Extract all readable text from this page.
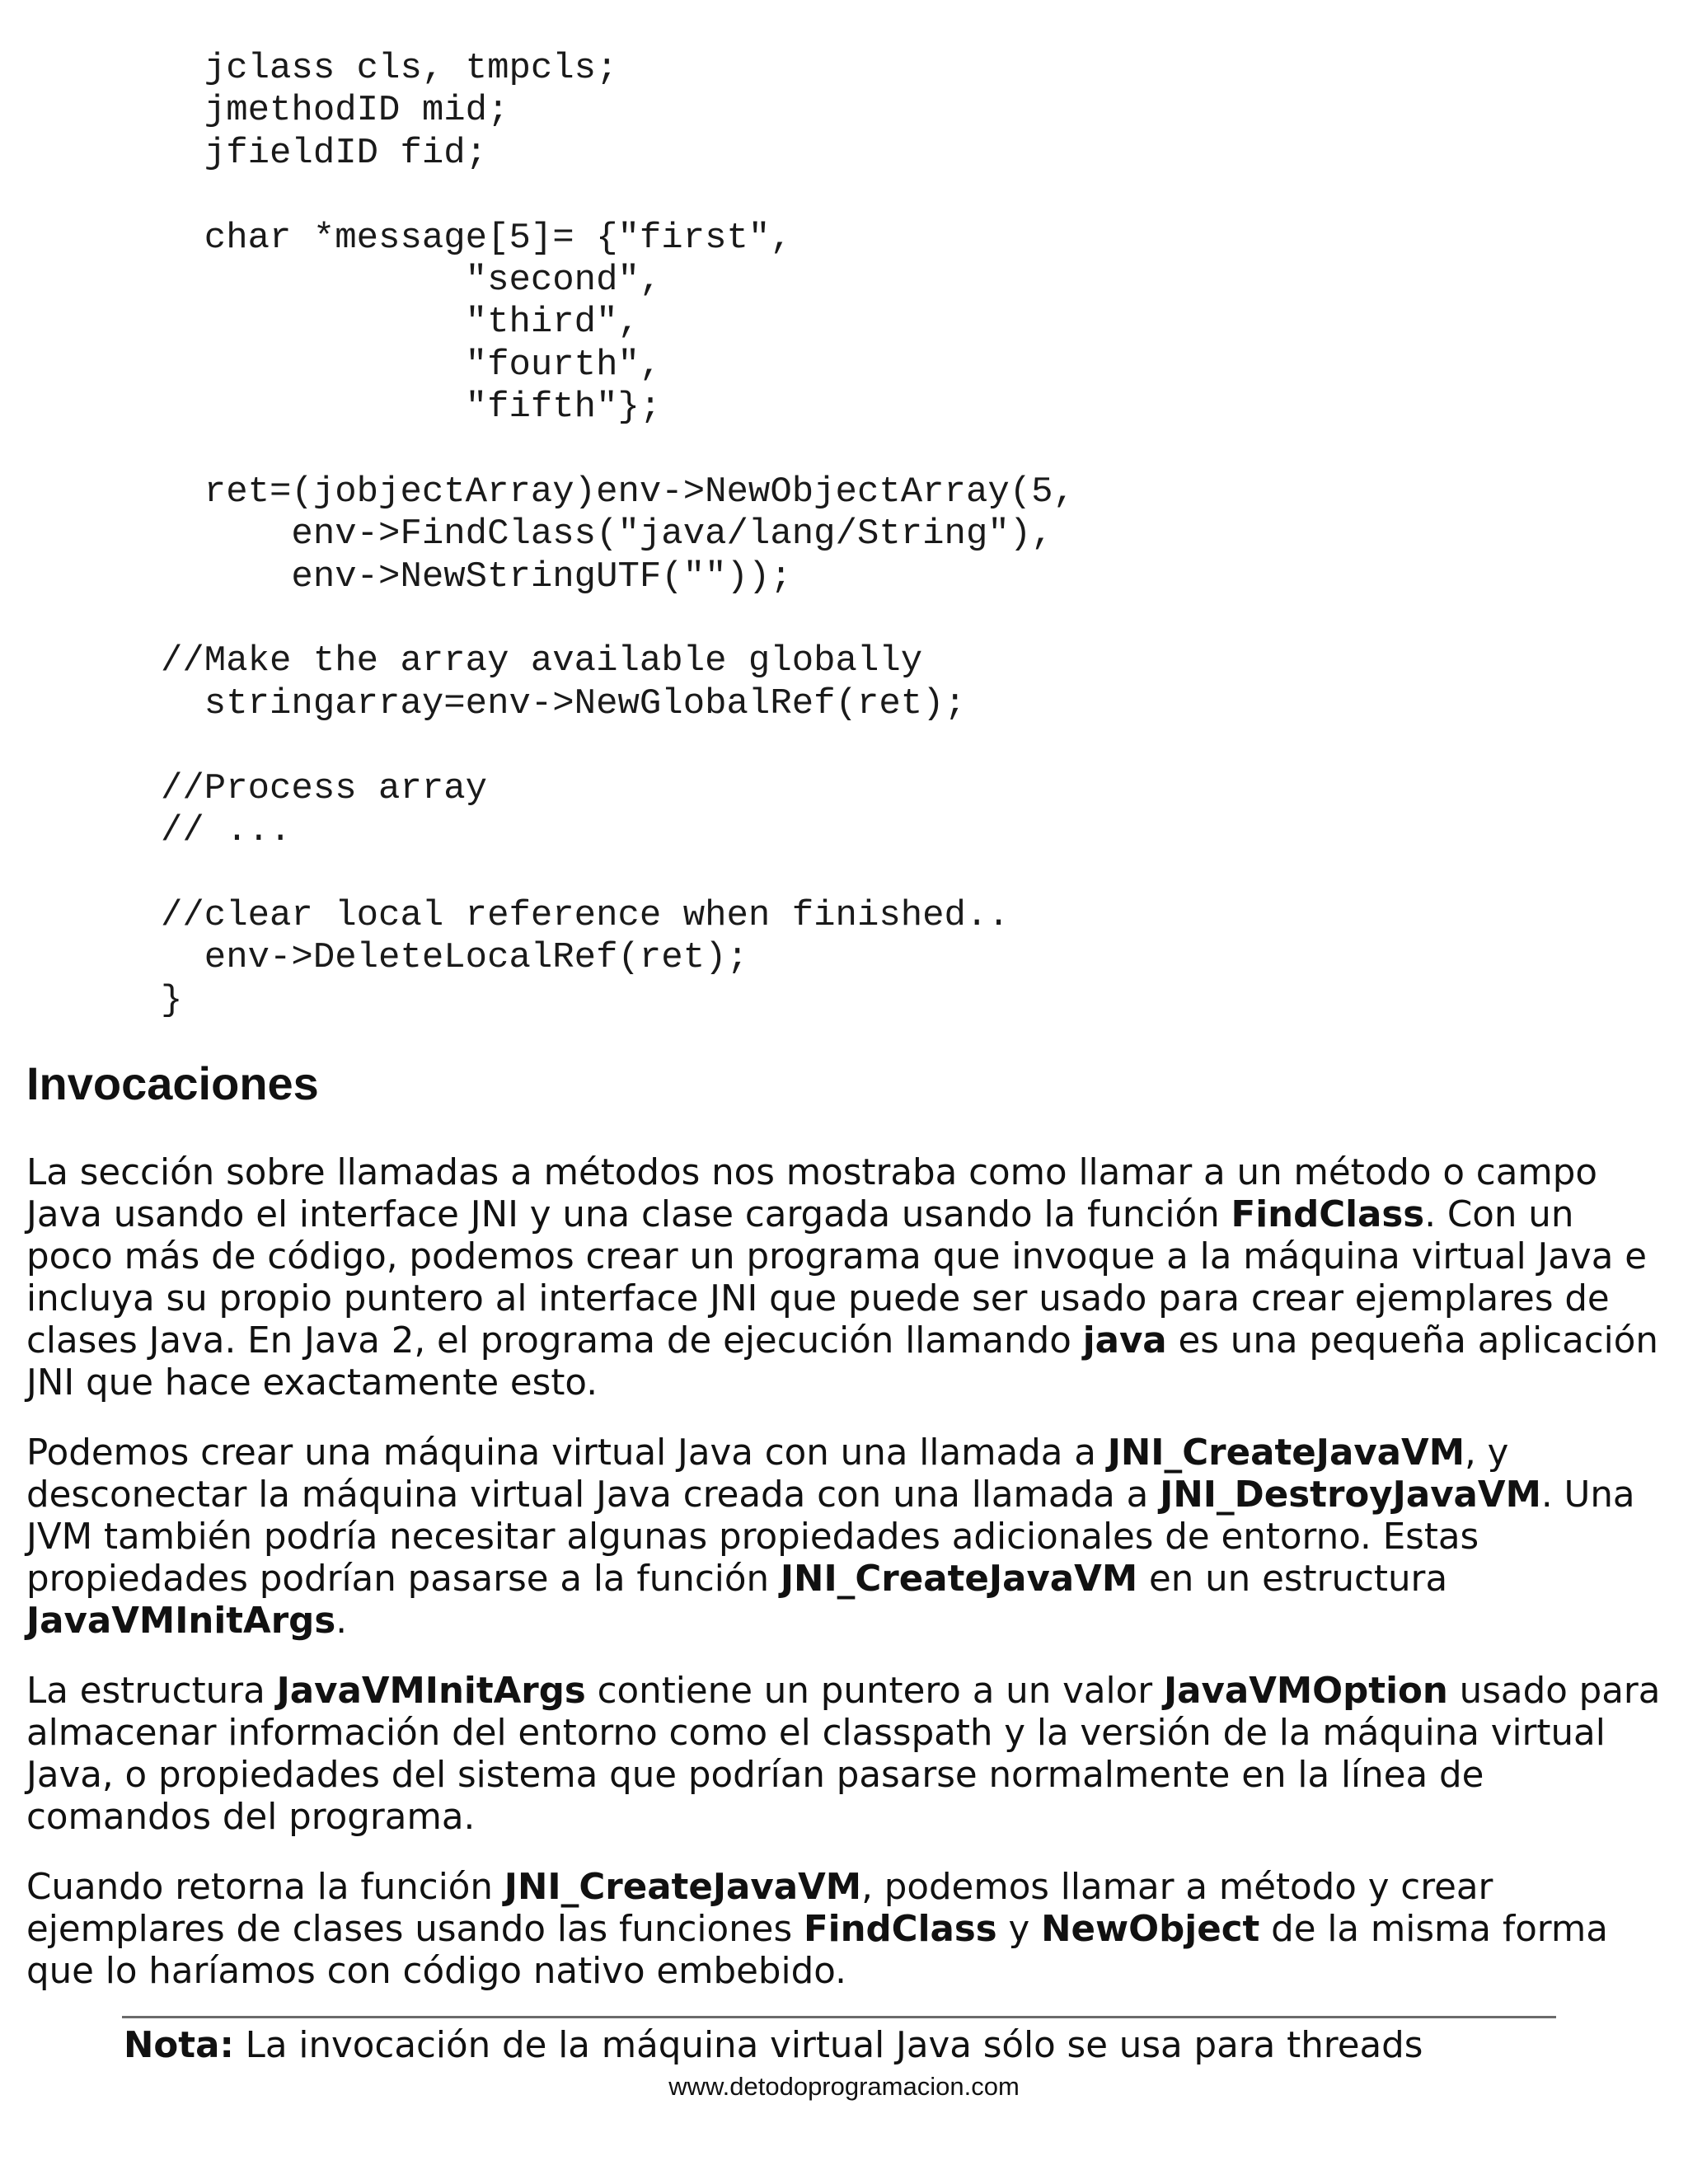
jclass cls, tmpcls;
jmethodID mid;
jfieldID fid;
char *message[5]= {"first",
"second",
"third",
"fourth",
"fifth"};
ret=(jobjectArray)env->NewObjectArray(5,
env->FindClass("java/lang/String"),
env->NewStringUTF(""));
//Make the array available globally
stringarray=env->NewGlobalRef(ret);
//Process array
// ...
//clear local reference when finished..
env->DeleteLocalRef(ret);
}
Invocaciones

La sección sobre llamadas a métodos nos mostraba como llamar a un método o campo Java usando el interface JNI y una clase cargada usando la función FindClass. Con un poco más de código, podemos crear un programa que invoque a la máquina virtual Java e incluya su propio puntero al interface JNI que puede ser usado para crear ejemplares de clases Java. En Java 2, el programa de ejecución llamando java es una pequeña aplicación JNI que hace exactamente esto.

Podemos crear una máquina virtual Java con una llamada a JNI_CreateJavaVM, y desconectar la máquina virtual Java creada con una llamada a JNI_DestroyJavaVM. Una JVM también podría necesitar algunas propiedades adicionales de entorno. Estas propiedades podrían pasarse a la función JNI_CreateJavaVM en un estructura JavaVMInitArgs.

La estructura JavaVMInitArgs contiene un puntero a un valor JavaVMOption usado para almacenar información del entorno como el classpath y la versión de la máquina virtual Java, o propiedades del sistema que podrían pasarse normalmente en la línea de comandos del programa.

Cuando retorna la función JNI_CreateJavaVM, podemos llamar a método y crear ejemplares de clases usando las funciones FindClass y NewObject de la misma forma que lo haríamos con código nativo embebido.

Nota: La invocación de la máquina virtual Java sólo se usa para threads
www.detodoprogramacion.com
